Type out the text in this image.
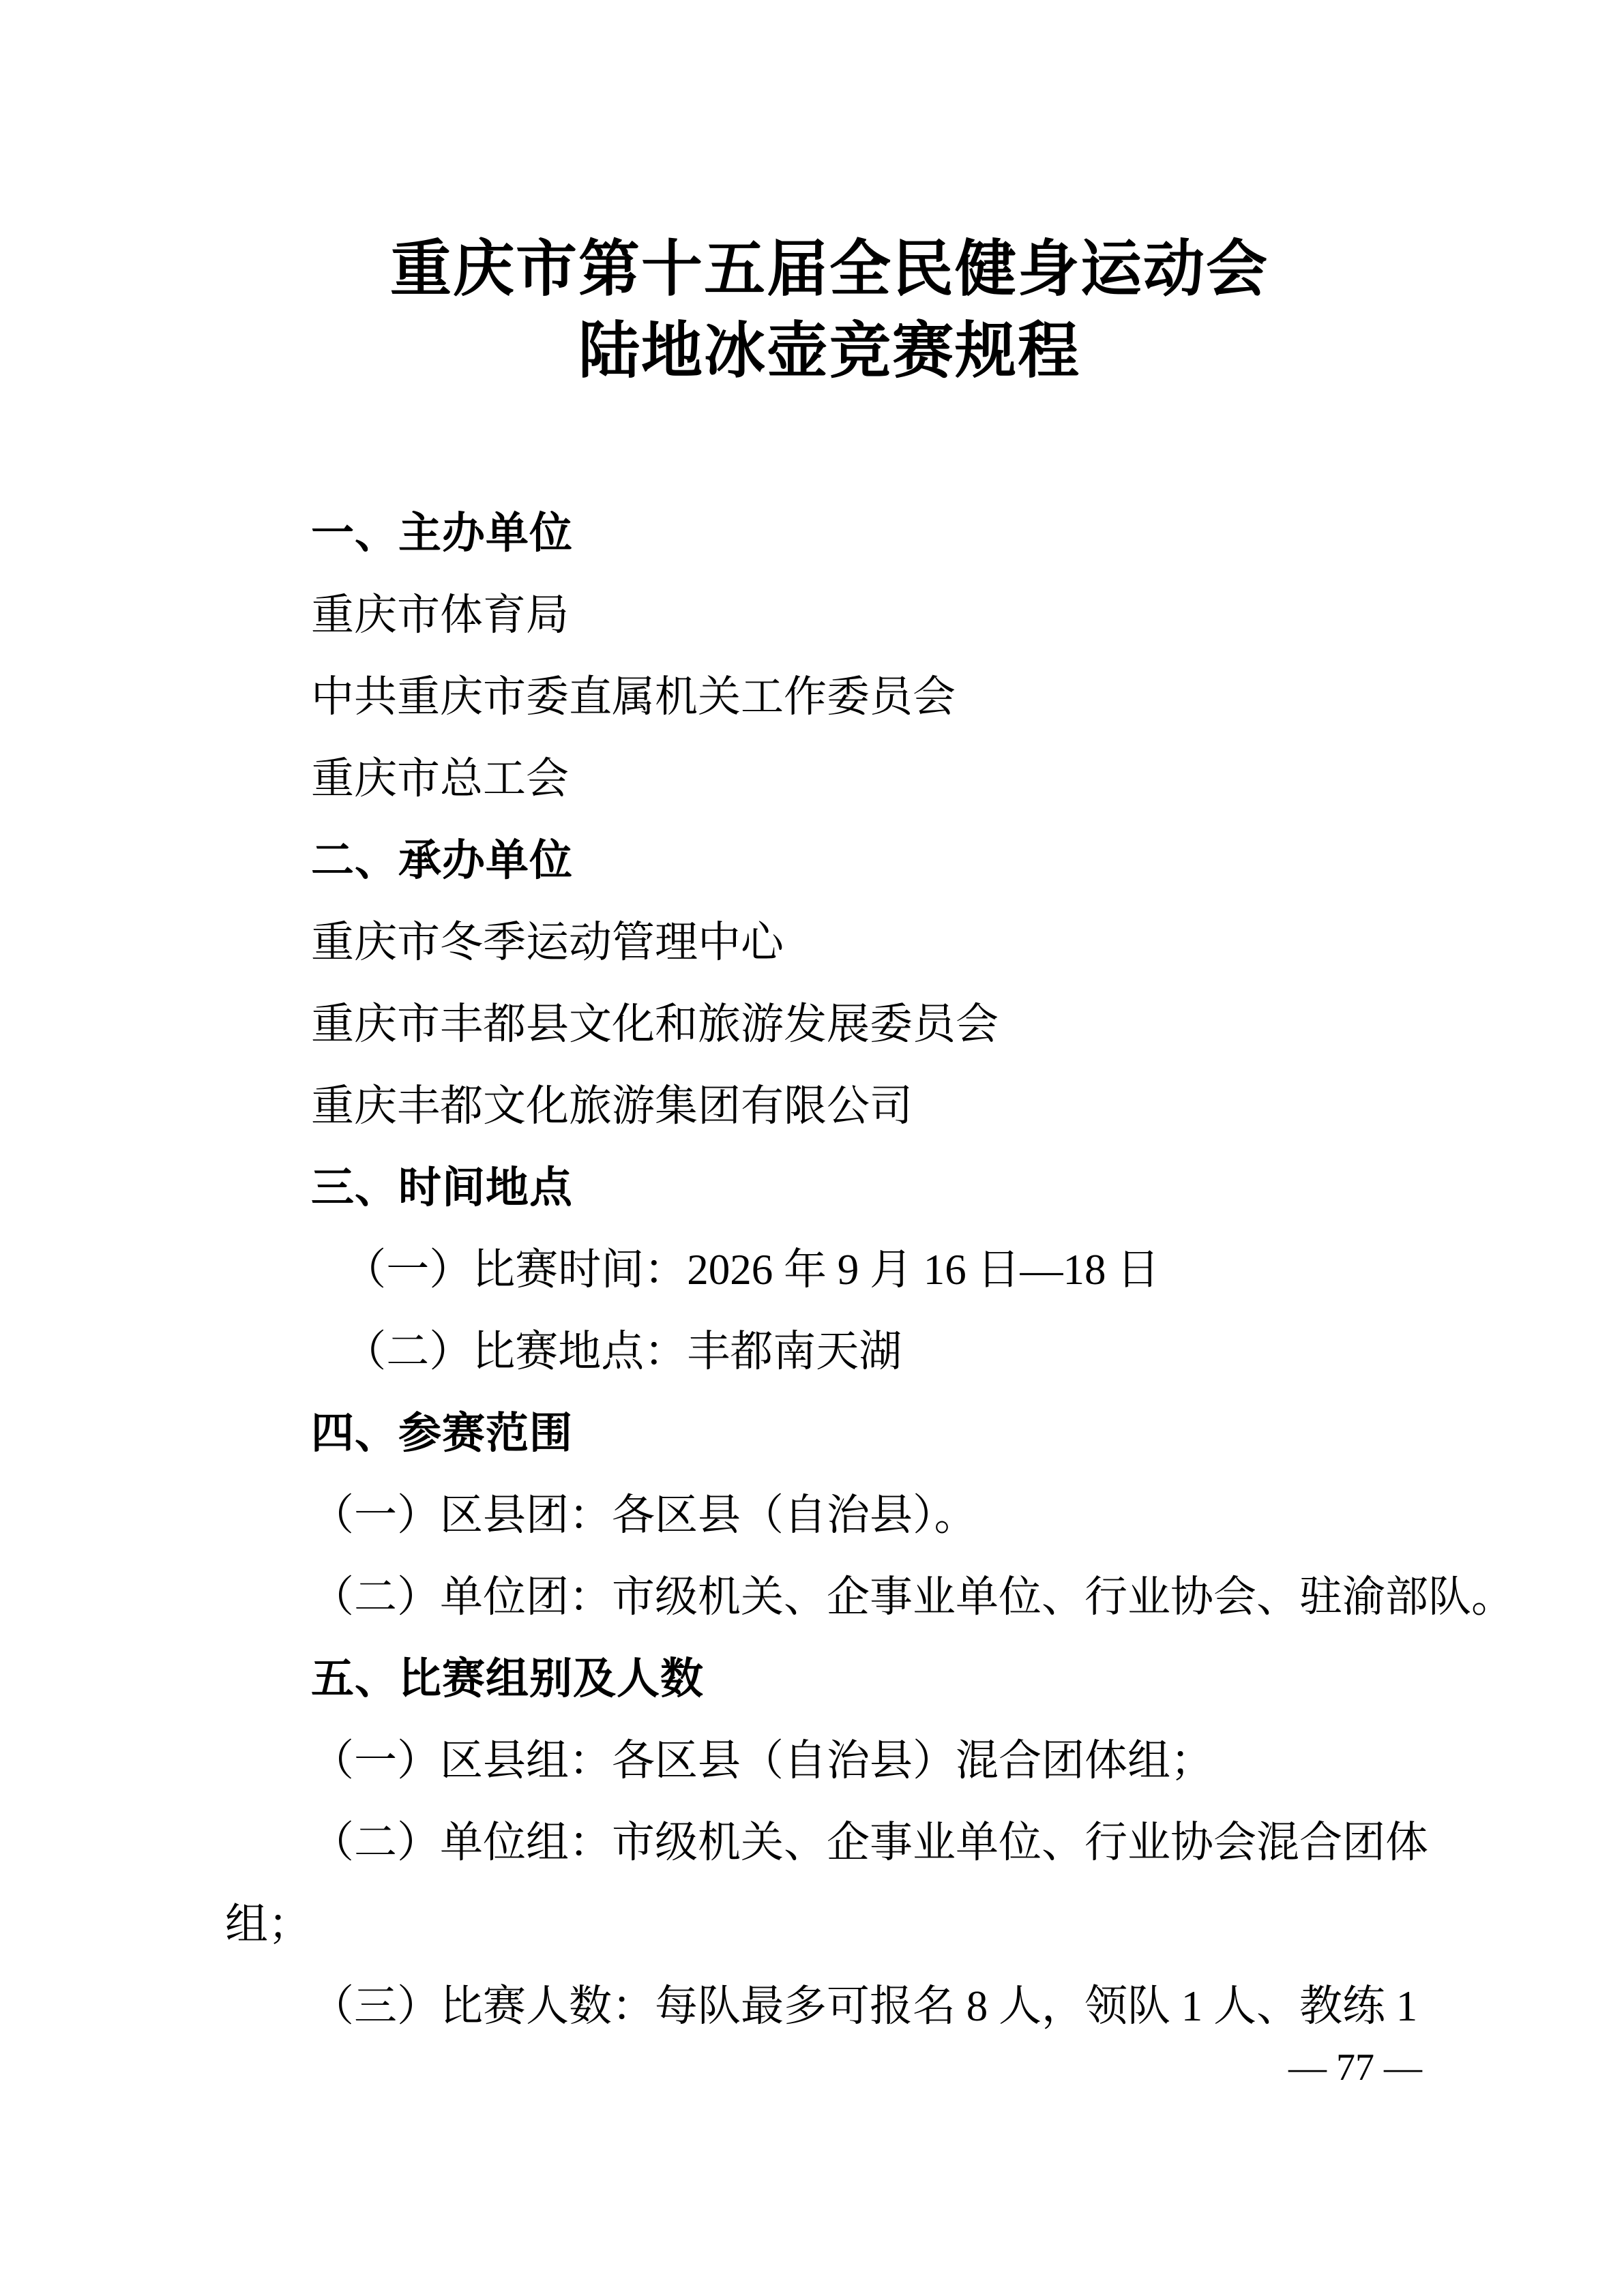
重庆市第十五届全民健身运动会
陆地冰壶竞赛规程
一、主办单位
重庆市体育局
中共重庆市委直属机关工作委员会
重庆市总工会
二、承办单位
重庆市冬季运动管理中心
重庆市丰都县文化和旅游发展委员会
重庆丰都文化旅游集团有限公司
三、时间地点
（一）比赛时间：2026 年 9 月 16 日—18 日
（二）比赛地点：丰都南天湖
四、参赛范围
（一）区县团：各区县（自治县）。
（二）单位团：市级机关、企事业单位、行业协会、驻渝部队。
五、比赛组别及人数
（一）区县组：各区县（自治县）混合团体组；
（二）单位组：市级机关、企事业单位、行业协会混合团体
组；
（三）比赛人数：每队最多可报名 8 人，领队 1 人、教练 1
— 77 —
